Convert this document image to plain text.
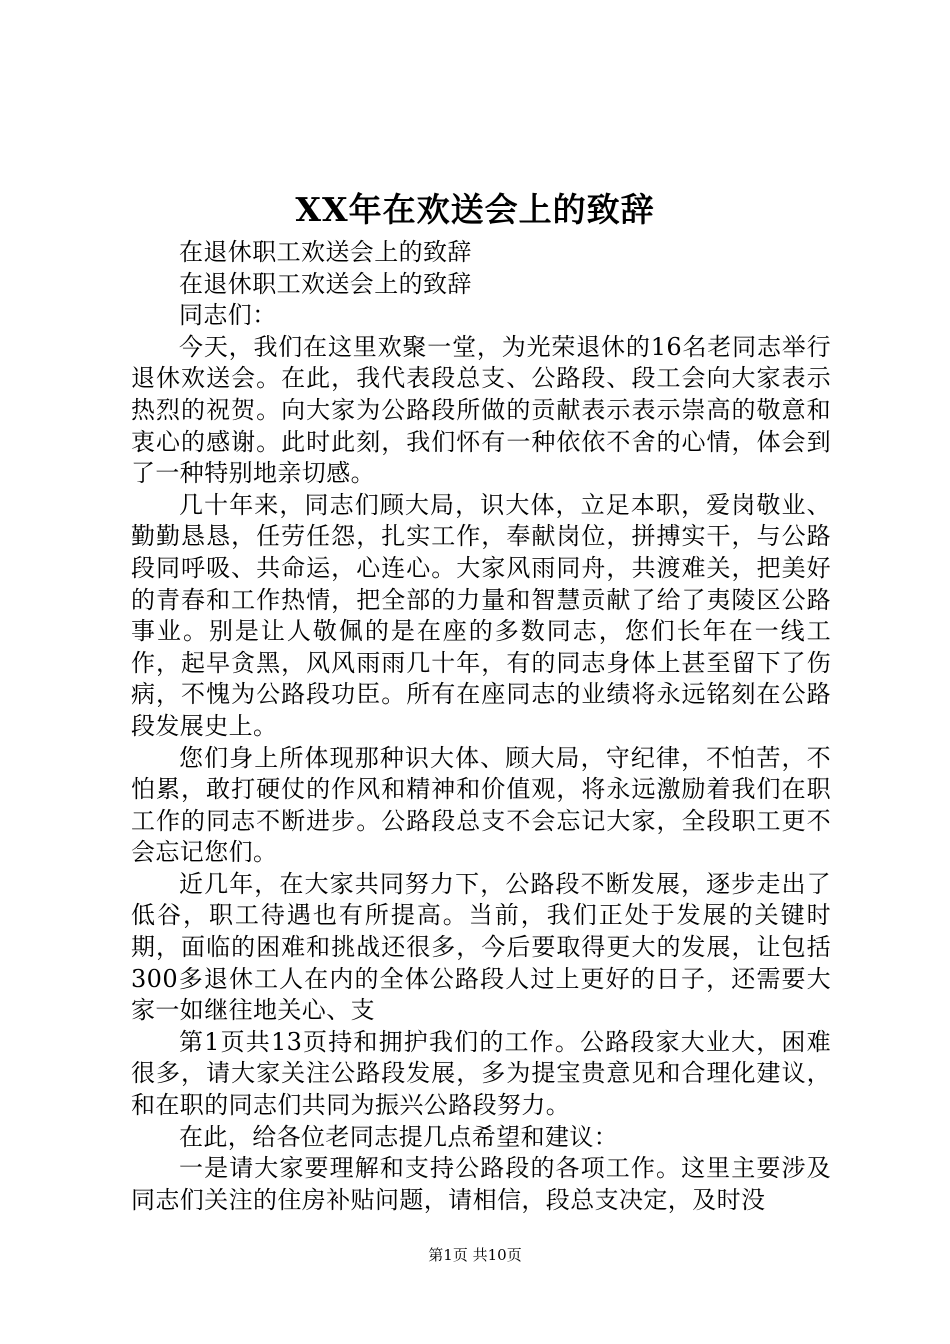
XX年在欢送会上的致辞

在退休职工欢送会上的致辞

在退休职工欢送会上的致辞

同志们：

今天，我们在这里欢聚一堂，为光荣退休的16名老同志举行退休欢送会。在此，我代表段总支、公路段、段工会向大家表示热烈的祝贺。向大家为公路段所做的贡献表示表示崇高的敬意和衷心的感谢。此时此刻，我们怀有一种依依不舍的心情，体会到了一种特别地亲切感。

几十年来，同志们顾大局，识大体，立足本职，爱岗敬业、勤勤恳恳，任劳任怨，扎实工作，奉献岗位，拼搏实干，与公路段同呼吸、共命运，心连心。大家风雨同舟，共渡难关，把美好的青春和工作热情，把全部的力量和智慧贡献了给了夷陵区公路事业。别是让人敬佩的是在座的多数同志，您们长年在一线工作，起早贪黑，风风雨雨几十年，有的同志身体上甚至留下了伤病，不愧为公路段功臣。所有在座同志的业绩将永远铭刻在公路段发展史上。

您们身上所体现那种识大体、顾大局，守纪律，不怕苦，不怕累，敢打硬仗的作风和精神和价值观，将永远激励着我们在职工作的同志不断进步。公路段总支不会忘记大家，全段职工更不会忘记您们。

近几年，在大家共同努力下，公路段不断发展，逐步走出了低谷，职工待遇也有所提高。当前，我们正处于发展的关键时期，面临的困难和挑战还很多，今后要取得更大的发展，让包括300多退休工人在内的全体公路段人过上更好的日子，还需要大家一如继往地关心、支

第1页共13页持和拥护我们的工作。公路段家大业大，困难很多，请大家关注公路段发展，多为提宝贵意见和合理化建议，和在职的同志们共同为振兴公路段努力。

在此，给各位老同志提几点希望和建议：

一是请大家要理解和支持公路段的各项工作。这里主要涉及同志们关注的住房补贴问题，请相信，段总支决定，及时没

第1页 共10页
